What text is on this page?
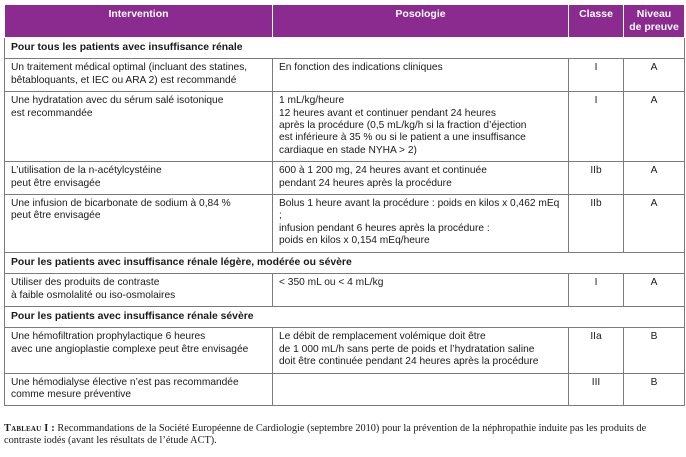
Intervention	Posologie	Classe	Niveau
de preuve

Pour tous les patients avec insuffisance rénale			

Un traitement médical optimal (incluant des statines,
bêtabloquants, et IEC ou ARA 2) est recommandé	En fonction des indications cliniques	I	A

Une hydratation avec du sérum salé isotonique
est recommandée	1 mL/kg/heure
12 heures avant et continuer pendant 24 heures
après la procédure (0,5 mL/kg/h si la fraction d’éjection
est inférieure à 35 % ou si le patient a une insuffisance
cardiaque en stade NYHA > 2)	I	A

L’utilisation de la n-acétylcystéine
peut être envisagée	600 à 1 200 mg, 24 heures avant et continuée
pendant 24 heures après la procédure	IIb	A

Une infusion de bicarbonate de sodium à 0,84 %
peut être envisagée	Bolus 1 heure avant la procédure : poids en kilos x 0,462 mEq ;
infusion pendant 6 heures après la procédure :
poids en kilos x 0,154 mEq/heure	IIb	A
Pour les patients avec insuffisance rénale légère, modérée ou sévère			

Utiliser des produits de contraste
à faible osmolalité ou iso-osmolaires	< 350 mL ou < 4 mL/kg	I	A
Pour les patients avec insuffisance rénale sévère			

Une hémofiltration prophylactique 6 heures
avec une angioplastie complexe peut être envisagée	Le débit de remplacement volémique doit être
de 1 000 mL/h sans perte de poids et l’hydratation saline
doit être continuée pendant 24 heures après la procédure	IIa	B

Une hémodialyse élective n’est pas recommandée
comme mesure préventive		III	B
Tableau I : Recommandations de la Société Européenne de Cardiologie (septembre 2010) pour la prévention de la néphropathie induite pas les produits de contraste iodés (avant les résultats de l’étude ACT).
